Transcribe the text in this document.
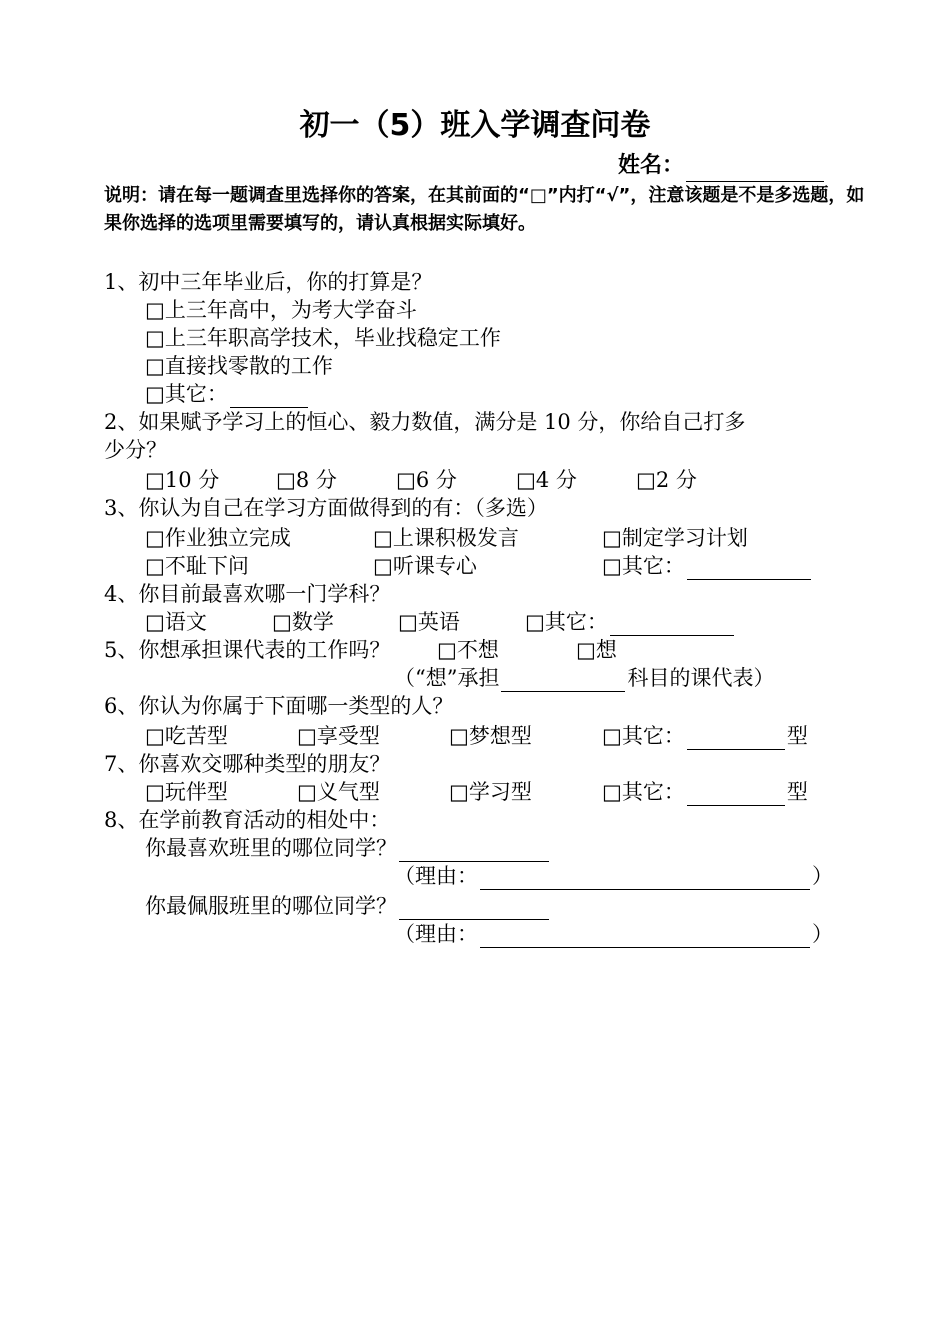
初一（5）班入学调查问卷
姓名：
说明：请在每一题调查里选择你的答案，在其前面的“□”内打“√”，注意该题是不是多选题，如果你选择的选项里需要填写的，请认真根据实际填好。
1、初中三年毕业后，你的打算是？
□上三年高中，为考大学奋斗
□上三年职高学技术，毕业找稳定工作
□直接找零散的工作
□其它：
2、如果赋予学习上的恒心、毅力数值，满分是 10 分，你给自己打多
少分？
□10 分	□8 分	□6 分	□4 分	□2 分
3、你认为自己在学习方面做得到的有：（多选）
□作业独立完成	□上课积极发言	□制定学习计划
□不耻下问	□听课专心	□其它：
4、你目前最喜欢哪一门学科？
□语文	□数学	□英语	□其它：
5、你想承担课代表的工作吗？ □不想	□想
（“想”承担	科目的课代表）
6、你认为你属于下面哪一类型的人？
□吃苦型	□享受型	□梦想型	□其它：	型
7、你喜欢交哪种类型的朋友？
□玩伴型	□义气型	□学习型	□其它：	型
8、在学前教育活动的相处中：
你最喜欢班里的哪位同学？
（理由：	）
你最佩服班里的哪位同学？
（理由：	）
